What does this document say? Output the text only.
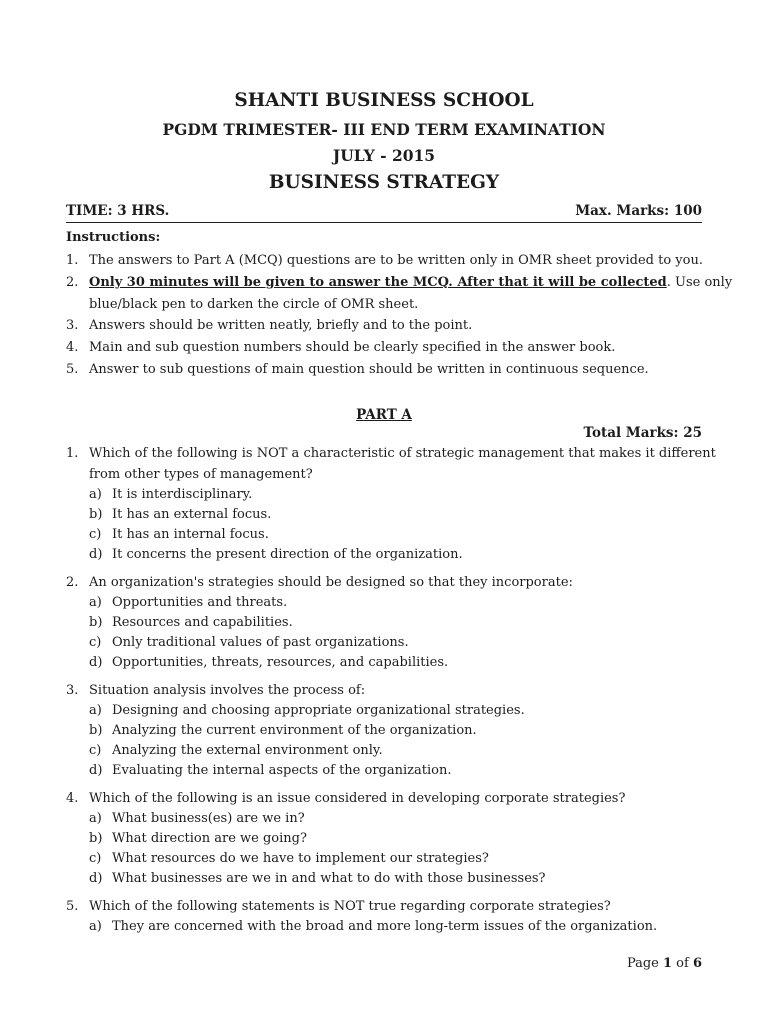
SHANTI BUSINESS SCHOOL
PGDM TRIMESTER- III END TERM EXAMINATION
JULY - 2015
BUSINESS STRATEGY
TIME: 3 HRS.	Max. Marks: 100
Instructions:
1. The answers to Part A (MCQ) questions are to be written only in OMR sheet provided to you.
2. Only 30 minutes will be given to answer the MCQ. After that it will be collected. Use only
blue/black pen to darken the circle of OMR sheet.
3. Answers should be written neatly, briefly and to the point.
4. Main and sub question numbers should be clearly specified in the answer book.
5. Answer to sub questions of main question should be written in continuous sequence.
PART A
Total Marks: 25
1. Which of the following is NOT a characteristic of strategic management that makes it different
from other types of management?
a) It is interdisciplinary.
b) It has an external focus.
c) It has an internal focus.
d) It concerns the present direction of the organization.
2. An organization's strategies should be designed so that they incorporate:
a) Opportunities and threats.
b) Resources and capabilities.
c) Only traditional values of past organizations.
d) Opportunities, threats, resources, and capabilities.
3. Situation analysis involves the process of:
a) Designing and choosing appropriate organizational strategies.
b) Analyzing the current environment of the organization.
c) Analyzing the external environment only.
d) Evaluating the internal aspects of the organization.
4. Which of the following is an issue considered in developing corporate strategies?
a) What business(es) are we in?
b) What direction are we going?
c) What resources do we have to implement our strategies?
d) What businesses are we in and what to do with those businesses?
5. Which of the following statements is NOT true regarding corporate strategies?
a) They are concerned with the broad and more long-term issues of the organization.
Page 1 of 6
